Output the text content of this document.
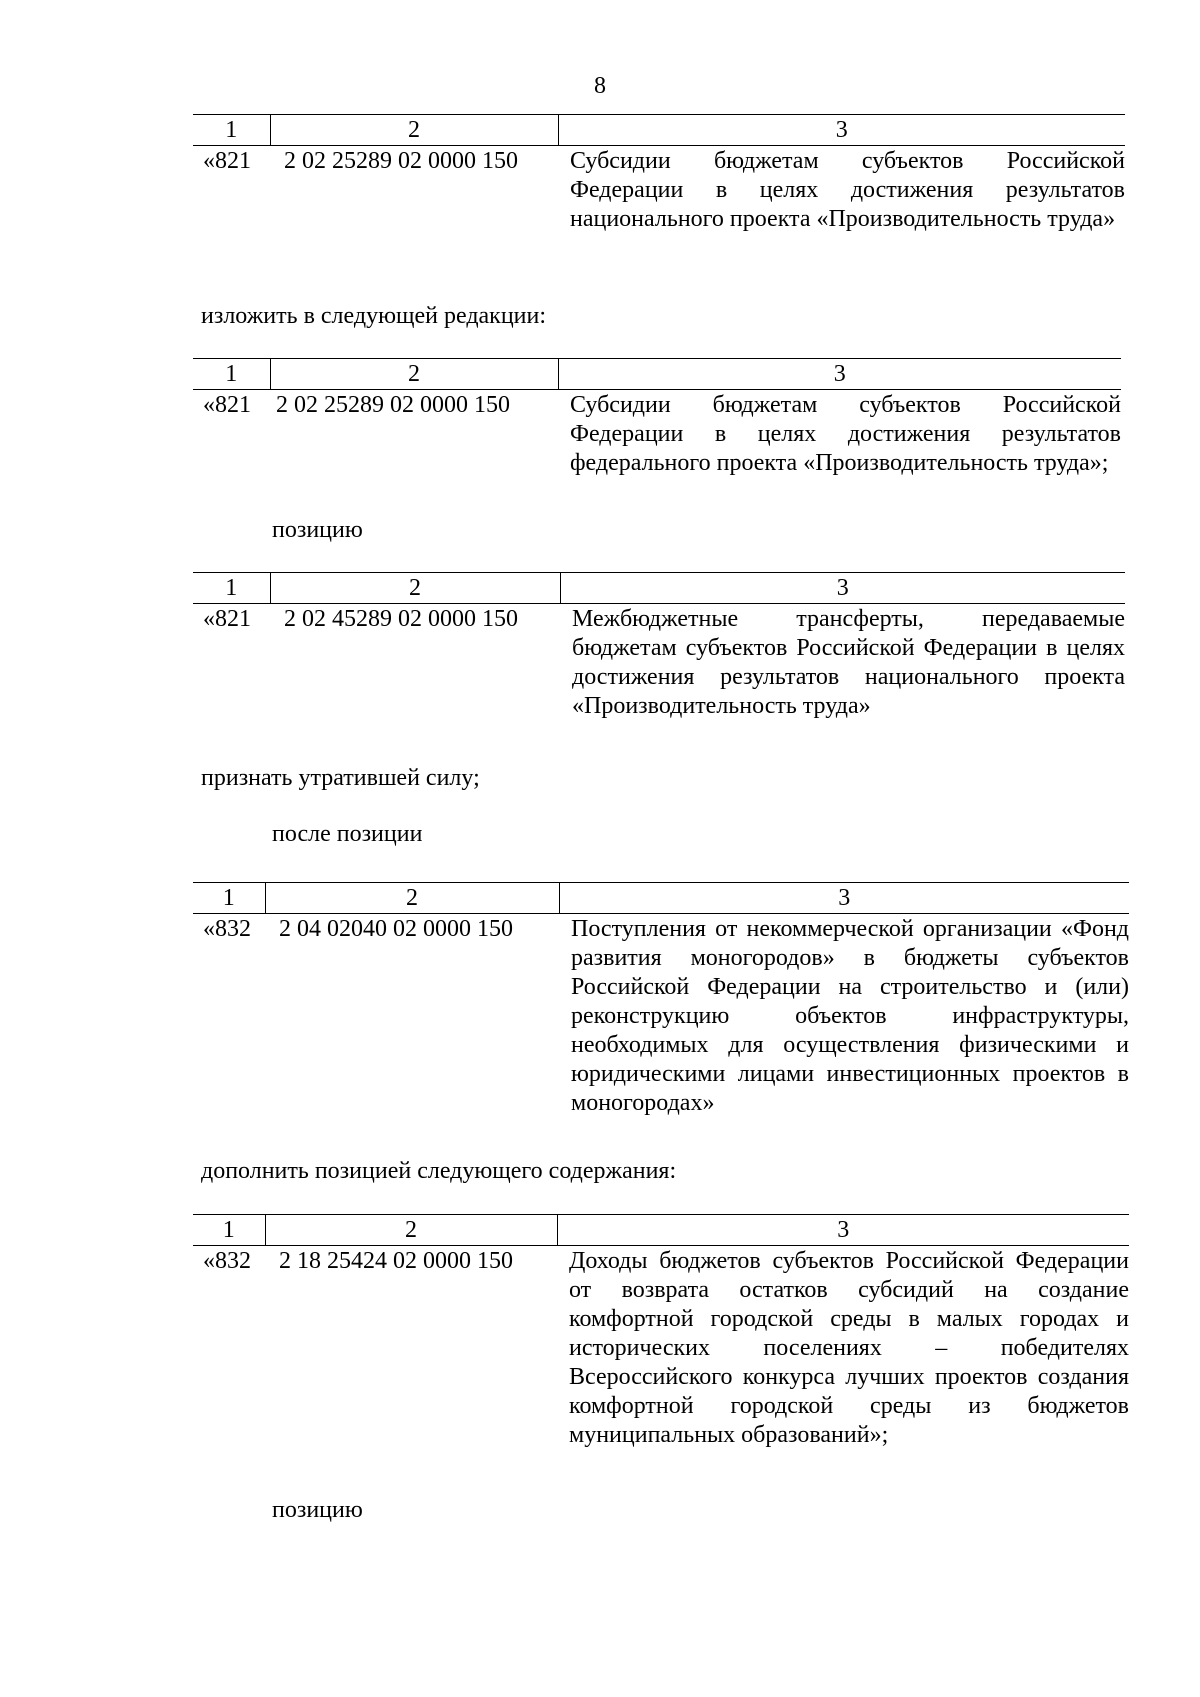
8
1	2	3
«821	2 02 25289 02 0000 150	Субсидии бюджетам субъектов Российской Федерации в целях достижения результатов национального проекта «Производительность труда»
изложить в следующей редакции:
1	2	3
«821	2 02 25289 02 0000 150	Субсидии бюджетам субъектов Российской Федерации в целях достижения результатов федерального проекта «Производительность труда»;
позицию
1	2	3
«821	2 02 45289 02 0000 150	Межбюджетные трансферты, передаваемые бюджетам субъектов Российской Федерации в целях достижения результатов национального проекта «Производительность труда»
признать утратившей силу;
после позиции
1	2	3
«832	2 04 02040 02 0000 150	Поступления от некоммерческой организации «Фонд развития моногородов» в бюджеты субъектов Российской Федерации на строительство и (или) реконструкцию объектов инфраструктуры, необходимых для осуществления физическими и юридическими лицами инвестиционных проектов в моногородах»
дополнить позицией следующего содержания:
1	2	3
«832	2 18 25424 02 0000 150	Доходы бюджетов субъектов Российской Федерации от возврата остатков субсидий на создание комфортной городской среды в малых городах и исторических поселениях – победителях Всероссийского конкурса лучших проектов создания комфортной городской среды из бюджетов муниципальных образований»;
позицию
